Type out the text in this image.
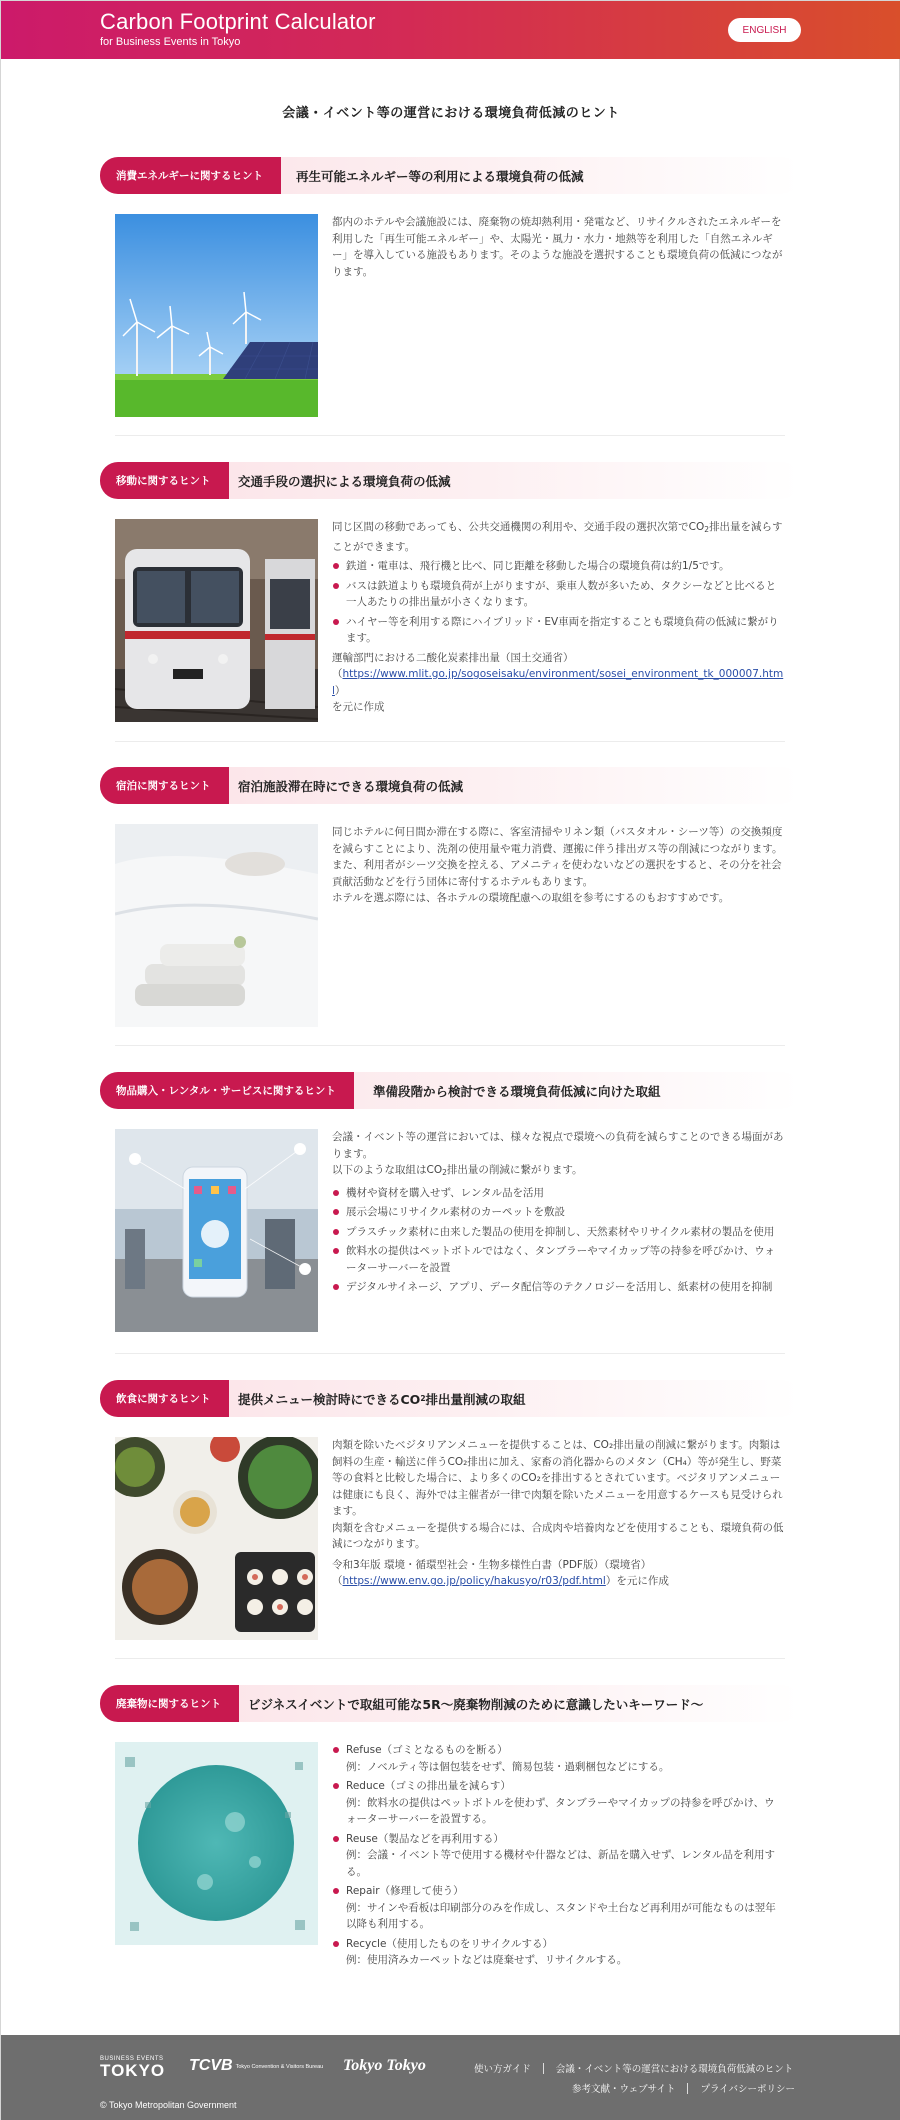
Carbon Footprint Calculator
for Business Events in Tokyo
ENGLISH
会議・イベント等の運営における環境負荷低減のヒント
消費エネルギーに関するヒント	再生可能エネルギー等の利用による環境負荷の低減

都内のホテルや会議施設には、廃棄物の焼却熱利用・発電など、リサイクルされたエネルギーを利用した「再生可能エネルギー」や、太陽光・風力・水力・地熱等を利用した「自然エネルギー」を導入している施設もあります。そのような施設を選択することも環境負荷の低減につながります。

移動に関するヒント	交通手段の選択による環境負荷の低減

同じ区間の移動であっても、公共交通機関の利用や、交通手段の選択次第で$CO_2$排出量を減らすことができます。

鉄道・電車は、飛行機と比べ、同じ距離を移動した場合の環境負荷は約1/5です。
バスは鉄道よりも環境負荷が上がりますが、乗車人数が多いため、タクシーなどと比べると一人あたりの排出量が小さくなります。
ハイヤー等を利用する際にハイブリッド・EV車両を指定することも環境負荷の低減に繋がります。

運輸部門における二酸化炭素排出量（国土交通省）
（https://www.mlit.go.jp/sogoseisaku/environment/sosei_environment_tk_000007.html）
を元に作成

宿泊に関するヒント	宿泊施設滞在時にできる環境負荷の低減

同じホテルに何日間か滞在する際に、客室清掃やリネン類（バスタオル・シーツ等）の交換頻度を減らすことにより、洗剤の使用量や電力消費、運搬に伴う排出ガス等の削減につながります。

また、利用者がシーツ交換を控える、アメニティを使わないなどの選択をすると、その分を社会貢献活動などを行う団体に寄付するホテルもあります。

ホテルを選ぶ際には、各ホテルの環境配慮への取組を参考にするのもおすすめです。

物品購入・レンタル・サービスに関するヒント	準備段階から検討できる環境負荷低減に向けた取組

会議・イベント等の運営においては、様々な視点で環境への負荷を減らすことのできる場面があります。

以下のような取組は$CO_2$排出量の削減に繋がります。

機材や資材を購入せず、レンタル品を活用
展示会場にリサイクル素材のカーペットを敷設
プラスチック素材に由来した製品の使用を抑制し、天然素材やリサイクル素材の製品を使用
飲料水の提供はペットボトルではなく、タンブラーやマイカップ等の持参を呼びかけ、ウォーターサーバーを設置
デジタルサイネージ、アプリ、データ配信等のテクノロジーを活用し、紙素材の使用を抑制
飲食に関するヒント	提供メニュー検討時にできるCO 2 排出量削減の取組

肉類を除いたベジタリアンメニューを提供することは、CO₂排出量の削減に繋がります。肉類は飼料の生産・輸送に伴うCO₂排出に加え、家畜の消化器からのメタン（CH₄）等が発生し、野菜等の食料と比較した場合に、より多くのCO₂を排出するとされています。ベジタリアンメニューは健康にも良く、海外では主催者が一律で肉類を除いたメニューを用意するケースも見受けられます。

肉類を含むメニューを提供する場合には、合成肉や培養肉などを使用することも、環境負荷の低減につながります。

令和3年版 環境・循環型社会・生物多様性白書（PDF版）（環境省）
（https://www.env.go.jp/policy/hakusyo/r03/pdf.html）を元に作成

廃棄物に関するヒント	ビジネスイベントで取組可能な5R～廃棄物削減のために意識したいキーワード～
Refuse（ゴミとなるものを断る）
例：ノベルティ等は個包装をせず、簡易包装・過剰梱包などにする。
Reduce（ゴミの排出量を減らす）
例：飲料水の提供はペットボトルを使わず、タンブラーやマイカップの持参を呼びかけ、ウォーターサーバーを設置する。
Reuse（製品などを再利用する）
例：会議・イベント等で使用する機材や什器などは、新品を購入せず、レンタル品を利用する。
Repair（修理して使う）
例：サインや看板は印刷部分のみを作成し、スタンドや土台など再利用が可能なものは翌年以降も利用する。
Recycle（使用したものをリサイクルする）
例：使用済みカーペットなどは廃棄せず、リサイクルする。
BUSINESS EVENTS
TOKYO TCVB Tokyo Convention & Visitors Bureau Tokyo Tokyo	使い方ガイド	会議・イベント等の運営における環境負荷低減のヒント
参考文献・ウェブサイト	プライバシーポリシー
© Tokyo Metropolitan Government
